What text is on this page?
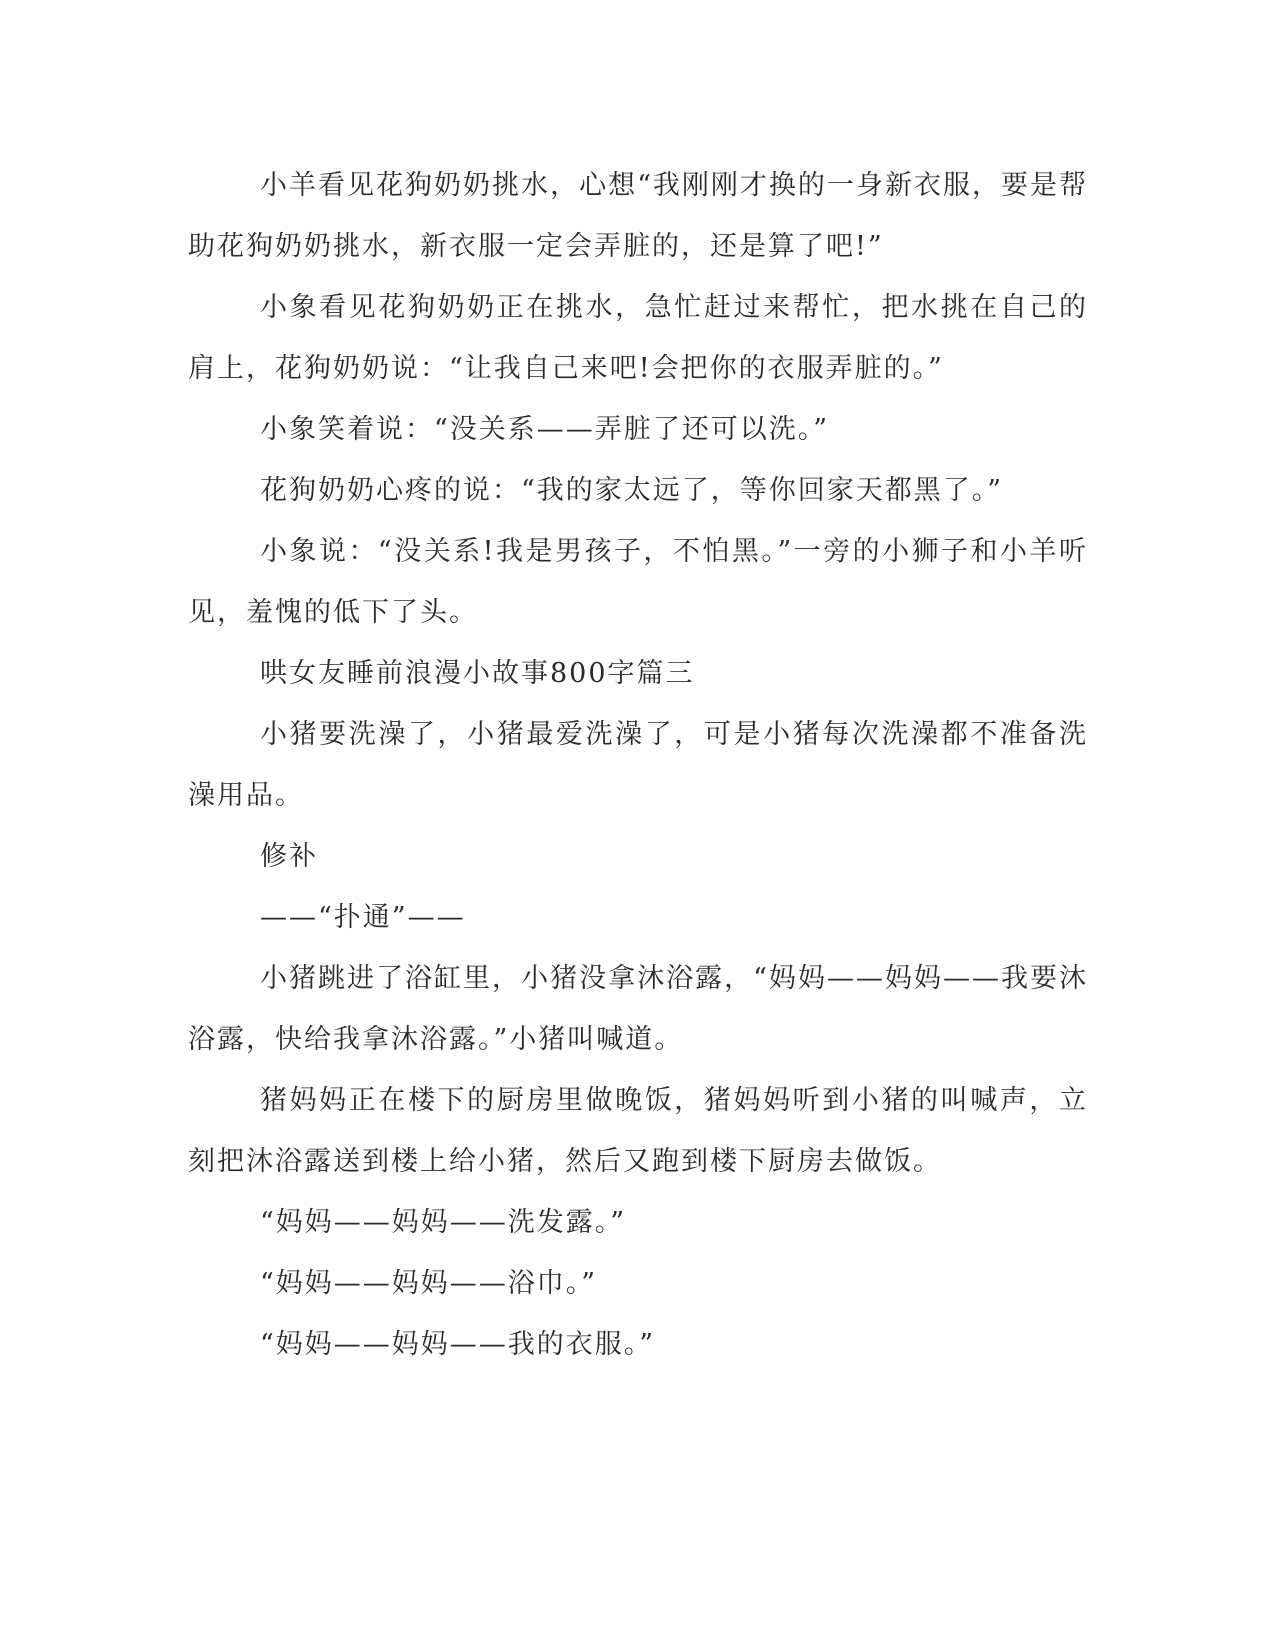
小羊看见花狗奶奶挑水，心想“我刚刚才换的一身新衣服，要是帮助花狗奶奶挑水，新衣服一定会弄脏的，还是算了吧!”

小象看见花狗奶奶正在挑水，急忙赶过来帮忙，把水挑在自己的肩上，花狗奶奶说：“让我自己来吧!会把你的衣服弄脏的。”

小象笑着说：“没关系——弄脏了还可以洗。”

花狗奶奶心疼的说：“我的家太远了，等你回家天都黑了。”

小象说：“没关系!我是男孩子，不怕黑。”一旁的小狮子和小羊听见，羞愧的低下了头。

哄女友睡前浪漫小故事800字篇三

小猪要洗澡了，小猪最爱洗澡了，可是小猪每次洗澡都不准备洗澡用品。

修补

——“扑通”——

小猪跳进了浴缸里，小猪没拿沐浴露，“妈妈——妈妈——我要沐浴露，快给我拿沐浴露。”小猪叫喊道。

猪妈妈正在楼下的厨房里做晚饭，猪妈妈听到小猪的叫喊声，立刻把沐浴露送到楼上给小猪，然后又跑到楼下厨房去做饭。

“妈妈——妈妈——洗发露。”

“妈妈——妈妈——浴巾。”

“妈妈——妈妈——我的衣服。”
